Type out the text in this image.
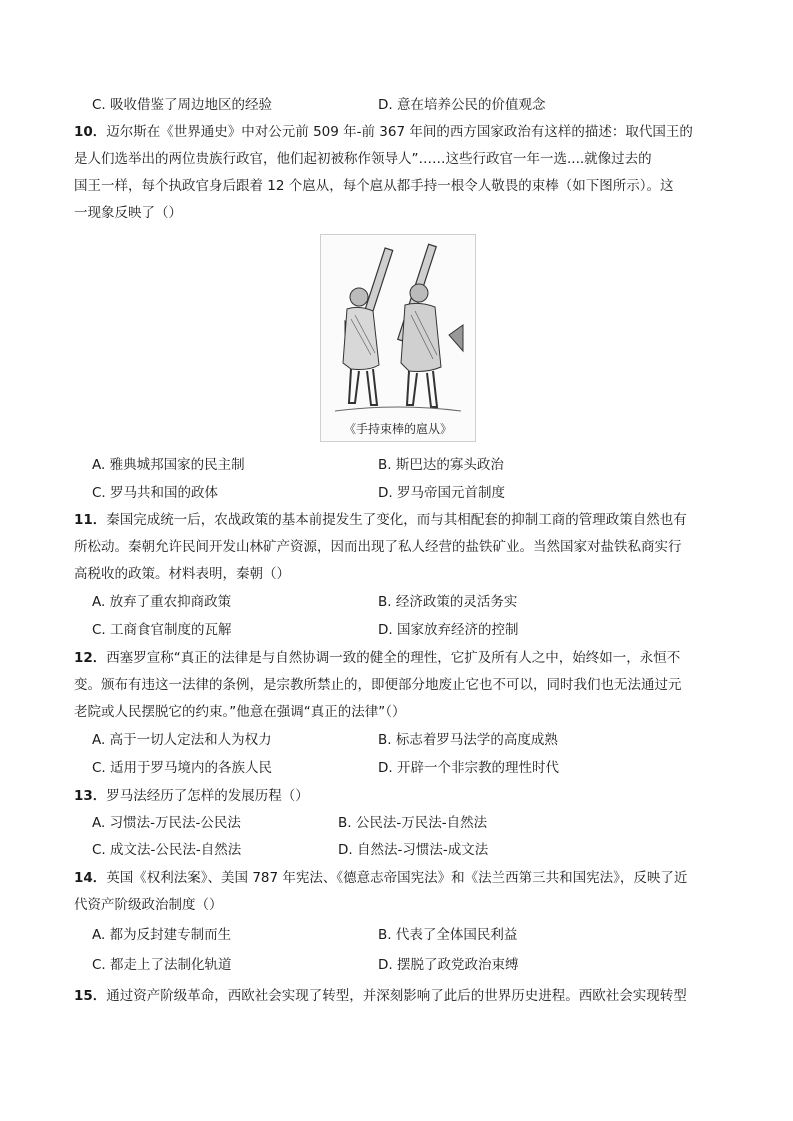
C. 吸收借鉴了周边地区的经验	D. 意在培养公民的价值观念
10．迈尔斯在《世界通史》中对公元前 509 年-前 367 年间的西方国家政治有这样的描述：取代国王的
是人们选举出的两位贵族行政官，他们起初被称作领导人”……这些行政官一年一选....就像过去的
国王一样，每个执政官身后跟着 12 个扈从，每个扈从都手持一根令人敬畏的束棒（如下图所示）。这
一现象反映了（）
《手持束棒的扈从》
A. 雅典城邦国家的民主制	B. 斯巴达的寡头政治
C. 罗马共和国的政体	D. 罗马帝国元首制度
11．秦国完成统一后，农战政策的基本前提发生了变化，而与其相配套的抑制工商的管理政策自然也有
所松动。秦朝允许民间开发山林矿产资源，因而出现了私人经营的盐铁矿业。当然国家对盐铁私商实行
高税收的政策。材料表明，秦朝（）
A. 放弃了重农抑商政策	B. 经济政策的灵活务实
C. 工商食官制度的瓦解	D. 国家放弃经济的控制
12．西塞罗宣称“真正的法律是与自然协调一致的健全的理性，它扩及所有人之中，始终如一，永恒不
变。颁布有违这一法律的条例，是宗教所禁止的，即便部分地废止它也不可以，同时我们也无法通过元
老院或人民摆脱它的约束。”他意在强调“真正的法律”（）
A. 高于一切人定法和人为权力	B. 标志着罗马法学的高度成熟
C. 适用于罗马境内的各族人民	D. 开辟一个非宗教的理性时代
13．罗马法经历了怎样的发展历程（）
A. 习惯法-万民法-公民法	B. 公民法-万民法-自然法
C. 成文法-公民法-自然法	D. 自然法-习惯法-成文法
14．英国《权利法案》、美国 787 年宪法、《德意志帝国宪法》和《法兰西第三共和国宪法》，反映了近
代资产阶级政治制度（）
A. 都为反封建专制而生	B. 代表了全体国民利益
C. 都走上了法制化轨道	D. 摆脱了政党政治束缚
15．通过资产阶级革命，西欧社会实现了转型，并深刻影响了此后的世界历史进程。西欧社会实现转型
